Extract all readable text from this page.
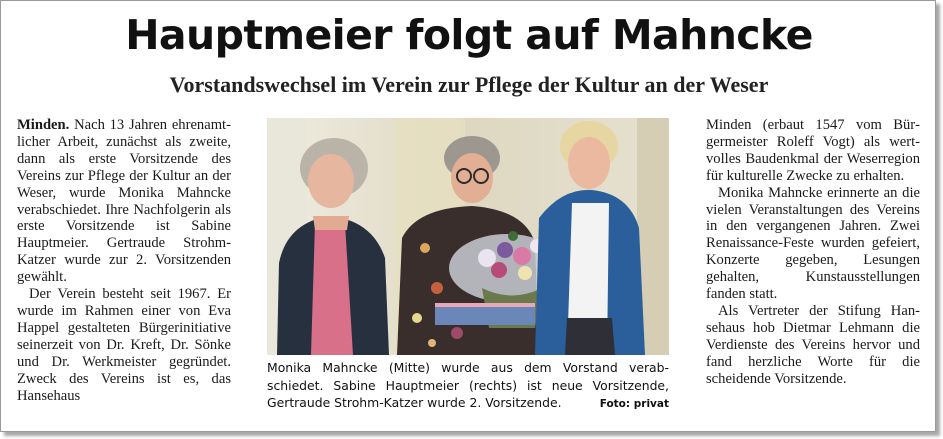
Hauptmeier folgt auf Mahncke
Vorstandswechsel im Verein zur Pflege der Kultur an der Weser

Minden. Nach 13 Jahren ehrenamtlicher Arbeit, zunächst als zweite, dann als erste Vorsitzende des Vereins zur Pflege der Kultur an der Weser, wurde Monika Mahncke verabschiedet. Ihre Nachfolgerin als erste Vorsitzende ist Sabine Hauptmeier. Gertraude Strohm-Katzer wurde zur 2. Vorsitzenden gewählt.

Der Verein besteht seit 1967. Er wurde im Rahmen einer von Eva Happel gestalteten Bürgerinitiative seinerzeit von Dr. Kreft, Dr. Sönke und Dr. Werkmeister gegründet. Zweck des Vereins ist es, das Hansehaus

Monika Mahncke (Mitte) wurde aus dem Vorstand verabschiedet. Sabine Hauptmeier (rechts) ist neue Vorsitzende, Gertraude Strohm-Katzer wurde 2. Vorsitzende.	Foto: privat

Minden (erbaut 1547 vom Bürgermeister Roleff Vogt) als wertvolles Baudenkmal der Weserregion für kulturelle Zwecke zu erhalten.

Monika Mahncke erinnerte an die vielen Veranstaltungen des Vereins in den vergangenen Jahren. Zwei Renaissance-Feste wurden gefeiert, Konzerte gegeben, Lesungen gehalten, Kunstausstellungen fanden statt.

Als Vertreter der Stifung Hansehaus hob Dietmar Lehmann die Verdienste des Vereins hervor und fand herzliche Worte für die scheidende Vorsitzende.
